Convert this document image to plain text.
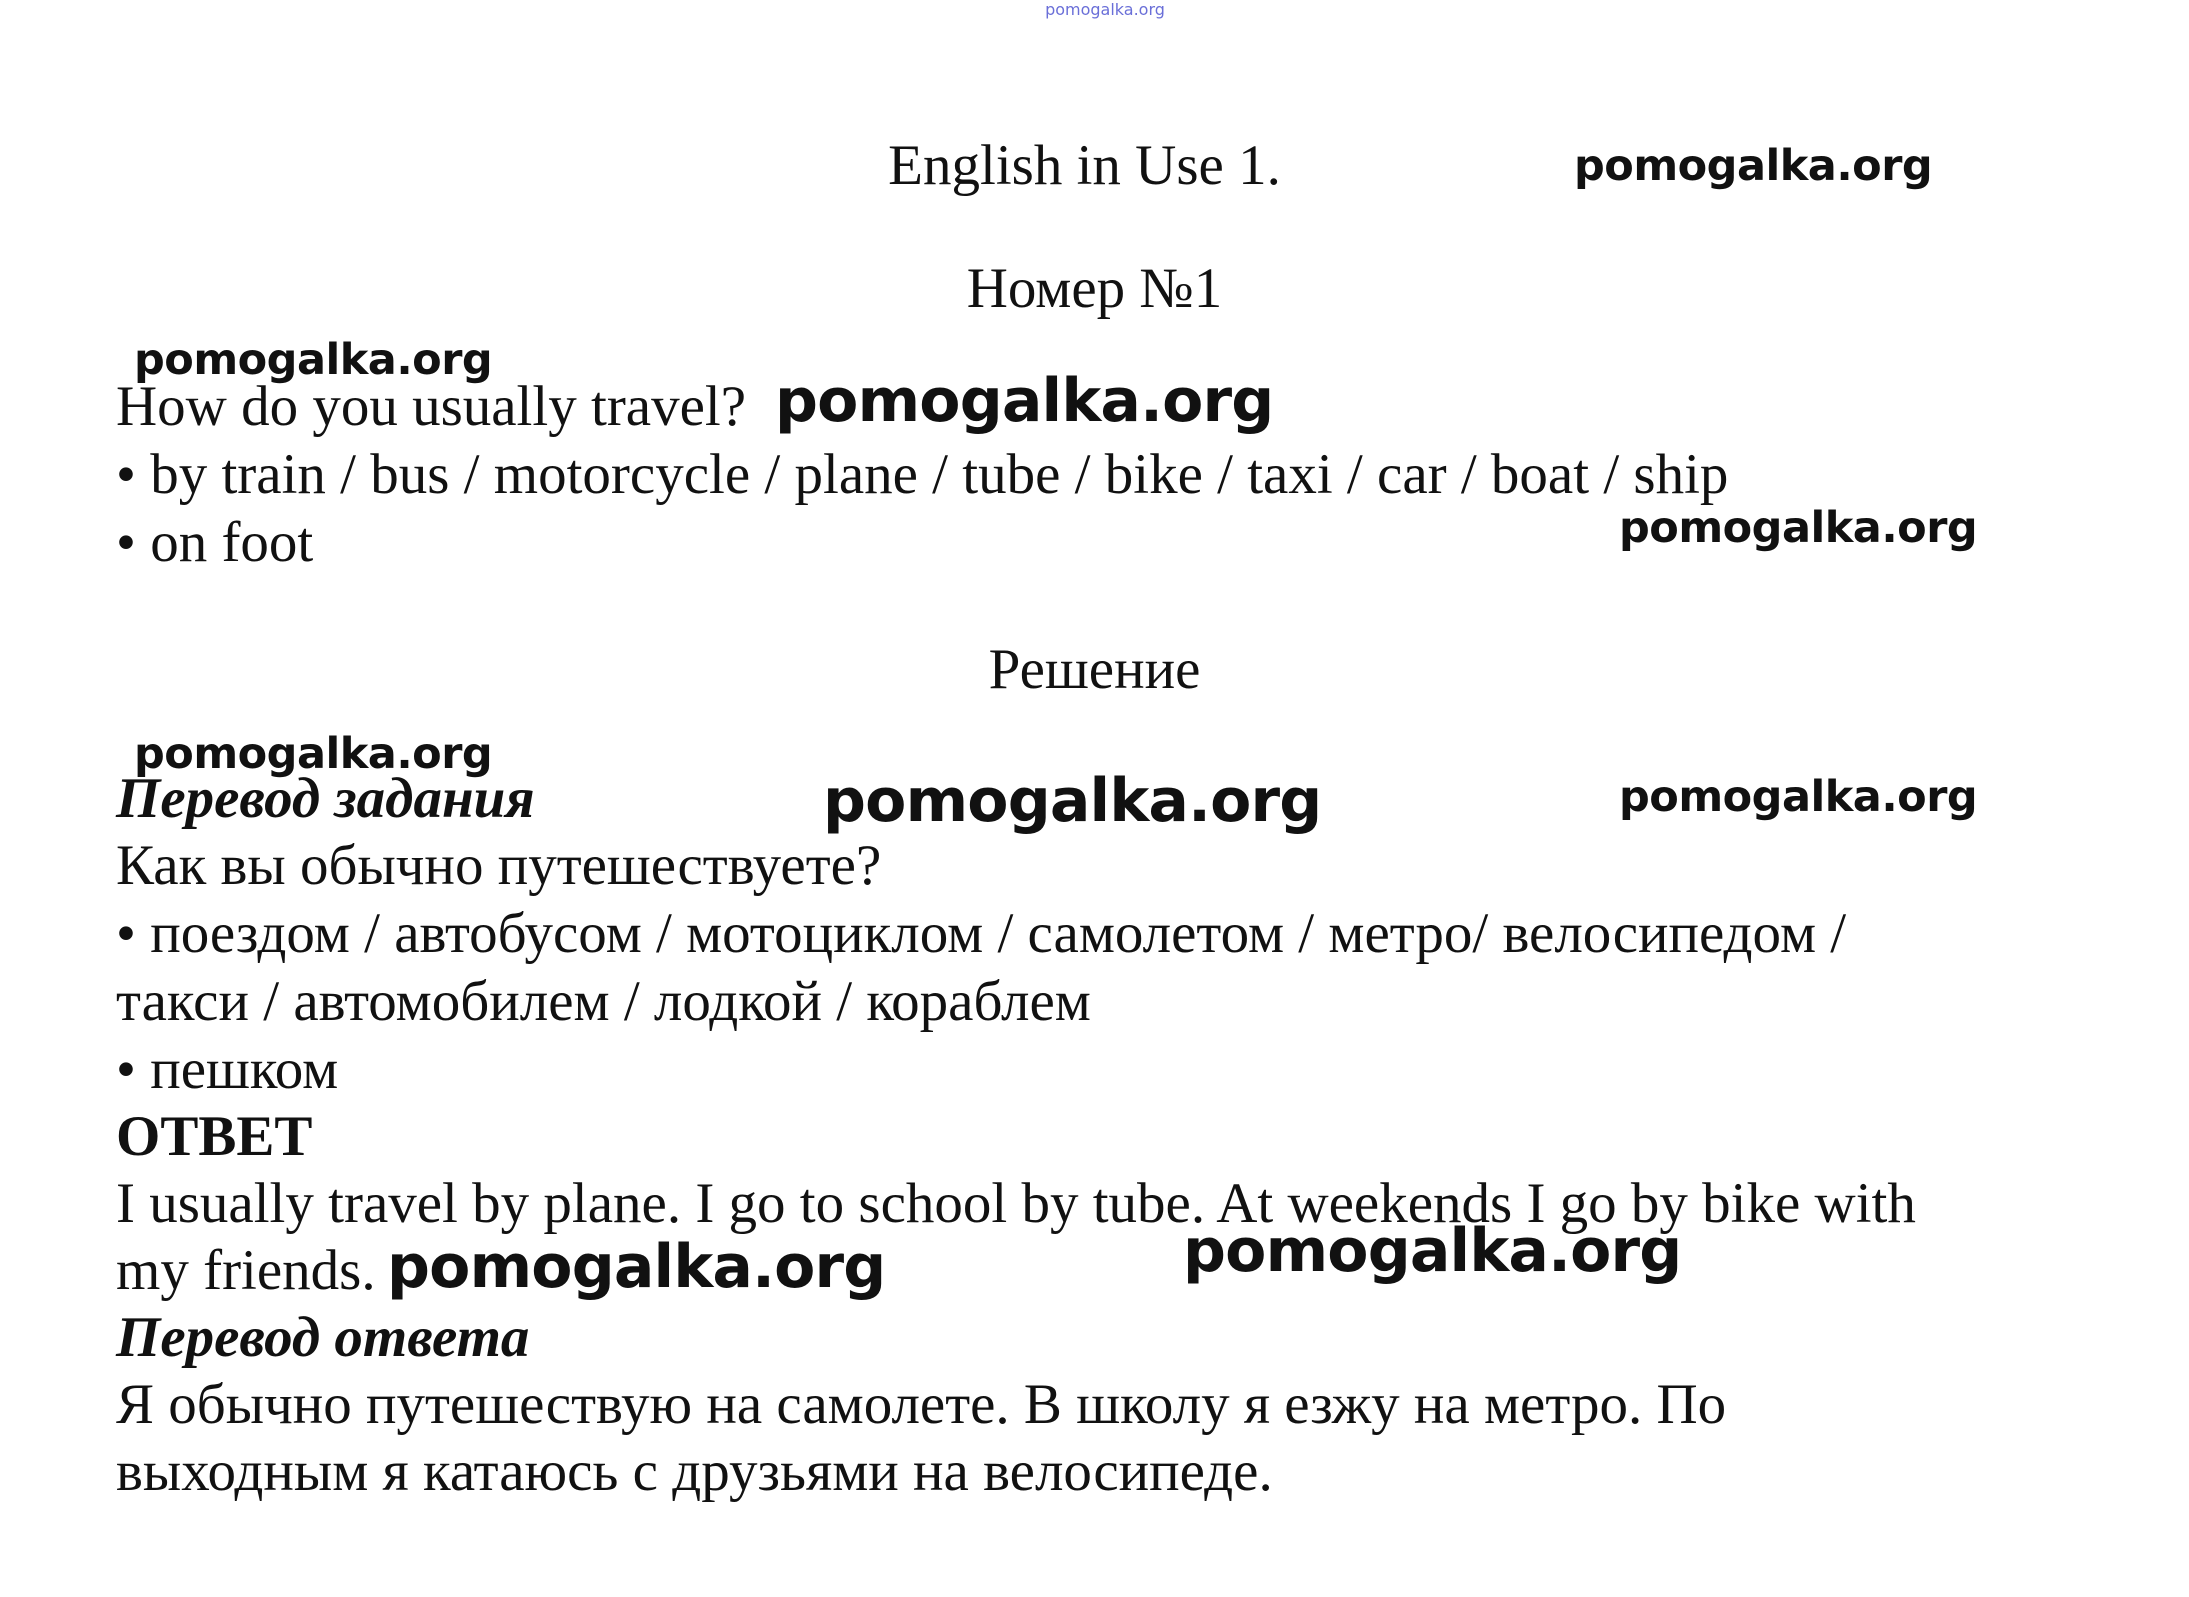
pomogalka.org
English in Use 1.	pomogalka.org
Номер №1
pomogalka.org
How do you usually travel? pomogalka.org
• by train / bus / motorcycle / plane / tube / bike / taxi / car / boat / ship
• on foot	pomogalka.org
Решение
pomogalka.org
Перевод задания	pomogalka.org	pomogalka.org
Как вы обычно путешествуете?
• поездом / автобусом / мотоциклом / самолетом / метро/ велосипедом /
такси / автомобилем / лодкой / кораблем
• пешком
ОТВЕТ
I usually travel by plane. I go to school by tube. At weekends I go by bike with
my friends. pomogalka.org	pomogalka.org
Перевод ответа
Я обычно путешествую на самолете. В школу я езжу на метро. По
выходным я катаюсь с друзьями на велосипеде.
